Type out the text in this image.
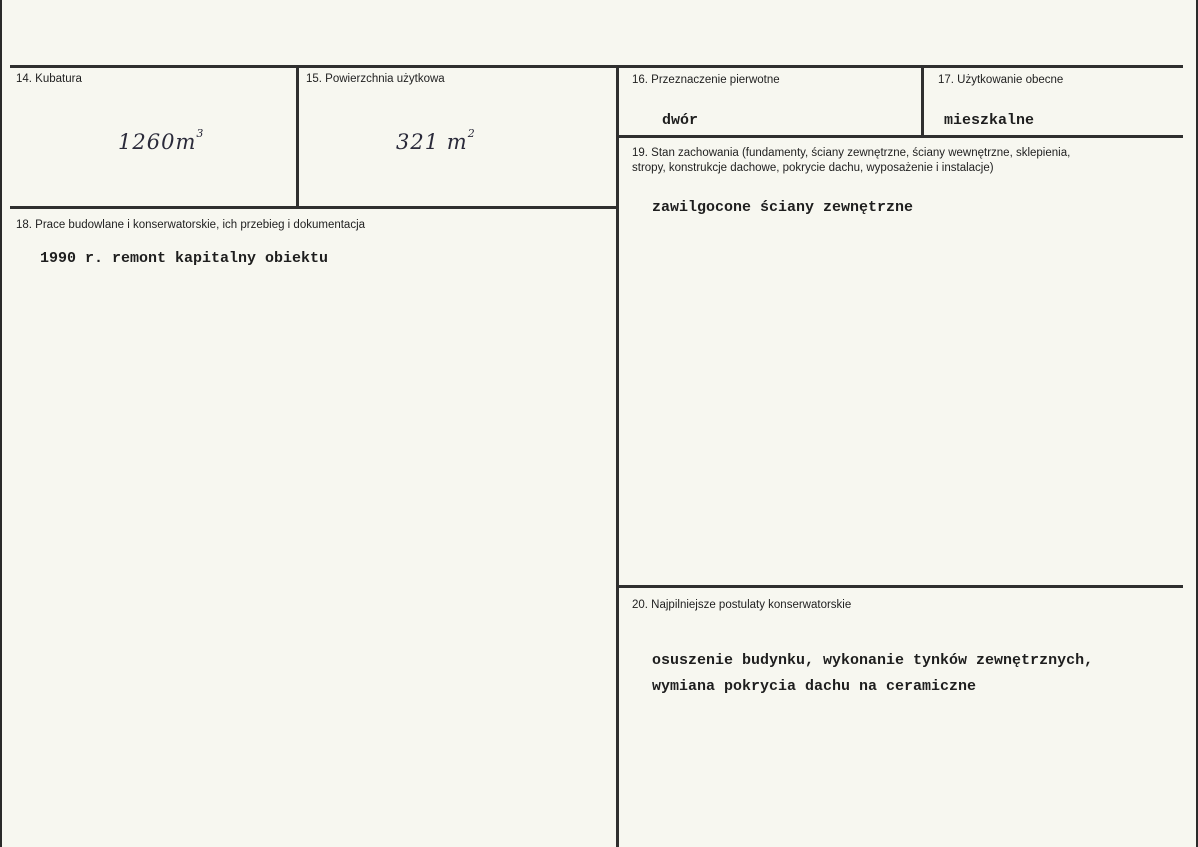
14. Kubatura
$1260m^3$
15. Powierzchnia użytkowa
321 $m^2$
16. Przeznaczenie pierwotne
dwór
17. Użytkowanie obecne
mieszkalne
18. Prace budowlane i konserwatorskie, ich przebieg i dokumentacja
1990 r. remont kapitalny obiektu
19. Stan zachowania (fundamenty, ściany zewnętrzne, ściany wewnętrzne, sklepienia,
stropy, konstrukcje dachowe, pokrycie dachu, wyposażenie i instalacje)
zawilgocone ściany zewnętrzne
20. Najpilniejsze postulaty konserwatorskie
osuszenie budynku, wykonanie tynków zewnętrznych,
wymiana pokrycia dachu na ceramiczne
